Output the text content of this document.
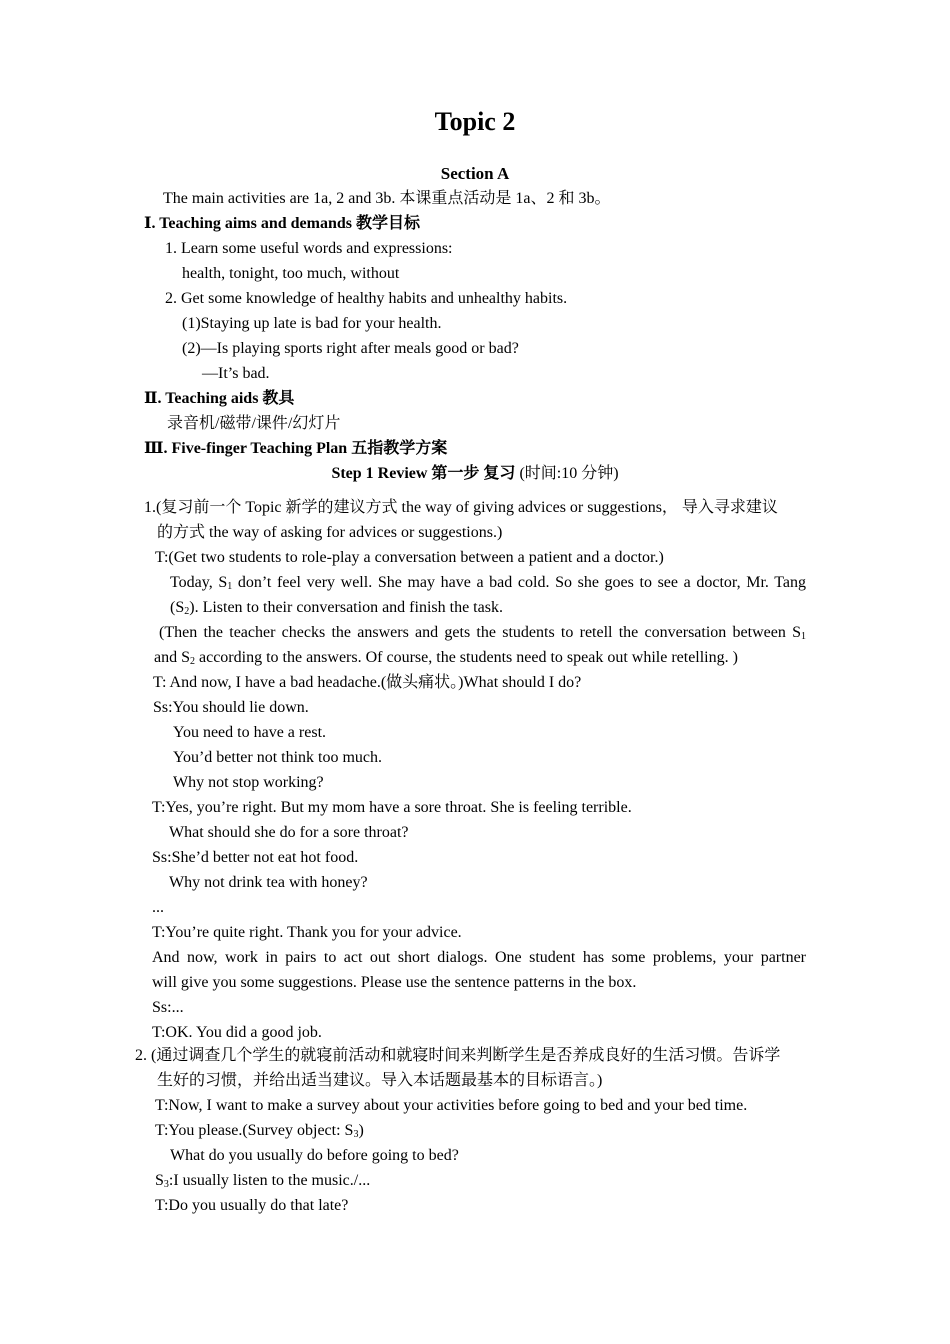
Topic 2
Section A
The main activities are 1a, 2 and 3b. 本课重点活动是 1a、2 和 3b。
Ⅰ. Teaching aims and demands 教学目标
1. Learn some useful words and expressions:
health, tonight, too much, without
2. Get some knowledge of healthy habits and unhealthy habits.
(1)Staying up late is bad for your health.
(2)—Is playing sports right after meals good or bad?
—It’s bad.
Ⅱ. Teaching aids 教具
录音机/磁带/课件/幻灯片
Ⅲ. Five-finger Teaching Plan 五指教学方案
Step 1 Review 第一步 复习 (时间:10 分钟)
1.(复习前一个 Topic 新学的建议方式 the way of giving advices or suggestions， 导入寻求建议
的方式 the way of asking for advices or suggestions.)
T:(Get two students to role-play a conversation between a patient and a doctor.)
Today, $S_1$ don’t feel very well. She may have a bad cold. So she goes to see a doctor, Mr. Tang
$(S_2)$. Listen to their conversation and finish the task.
(Then the teacher checks the answers and gets the students to retell the conversation between $S_1$
and $S_2$ according to the answers. Of course, the students need to speak out while retelling. )
T: And now, I have a bad headache.(做头痛状。)What should I do?
Ss:You should lie down.
You need to have a rest.
You’d better not think too much.
Why not stop working?
T:Yes, you’re right. But my mom have a sore throat. She is feeling terrible.
What should she do for a sore throat?
Ss:She’d better not eat hot food.
Why not drink tea with honey?
...
T:You’re quite right. Thank you for your advice.
And now, work in pairs to act out short dialogs. One student has some problems, your partner
will give you some suggestions. Please use the sentence patterns in the box.
Ss:...
T:OK. You did a good job.
2. (通过调查几个学生的就寝前活动和就寝时间来判断学生是否养成良好的生活习惯。告诉学
生好的习惯，并给出适当建议。导入本话题最基本的目标语言。)
T:Now, I want to make a survey about your activities before going to bed and your bed time.
T:You please.(Survey object: $S_3$)
What do you usually do before going to bed?
$S_3:I$ usually listen to the music./...
T:Do you usually do that late?
